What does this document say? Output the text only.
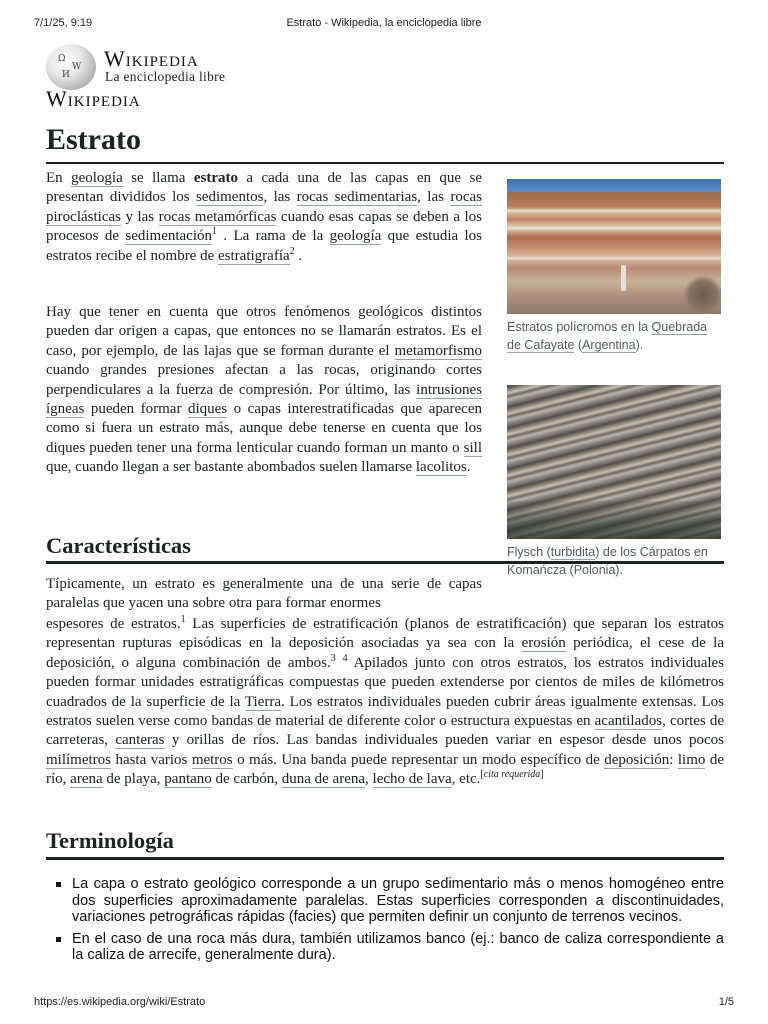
7/1/25, 9:19	Estrato - Wikipedia, la enciclopedia libre
Ω
W
И
Wikipedia
La enciclopedia libre
Wikipedia
Estrato

En geología se llama estrato a cada una de las capas en que se presentan divididos los sedimentos, las rocas sedimentarias, las rocas piroclásticas y las rocas metamórficas cuando esas capas se deben a los procesos de sedimentación$^1$ . La rama de la geología que estudia los estratos recibe el nombre de estratigrafía$^2$ .

Hay que tener en cuenta que otros fenómenos geológicos distintos pueden dar origen a capas, que entonces no se llamarán estratos. Es el caso, por ejemplo, de las lajas que se forman durante el metamorfismo cuando grandes presiones afectan a las rocas, originando cortes perpendiculares a la fuerza de compresión. Por último, las intrusiones ígneas pueden formar diques o capas interestratificadas que aparecen como si fuera un estrato más, aunque debe tenerse en cuenta que los diques pueden tener una forma lenticular cuando forman un manto o sill que, cuando llegan a ser bastante abombados suelen llamarse lacolitos.

Características

Típicamente, un estrato es generalmente una de una serie de capas paralelas que yacen una sobre otra para formar enormes

espesores de estratos.$^1$ Las superficies de estratificación (planos de estratificación) que separan los estratos representan rupturas episódicas en la deposición asociadas ya sea con la erosión periódica, el cese de la deposición, o alguna combinación de ambos.$^3$ $^4$ Apilados junto con otros estratos, los estratos individuales pueden formar unidades estratigráficas compuestas que pueden extenderse por cientos de miles de kilómetros cuadrados de la superficie de la Tierra. Los estratos individuales pueden cubrir áreas igualmente extensas. Los estratos suelen verse como bandas de material de diferente color o estructura expuestas en acantilados, cortes de carreteras, canteras y orillas de ríos. Las bandas individuales pueden variar en espesor desde unos pocos milímetros hasta varios metros o más. Una banda puede representar un modo específico de deposición: limo de río, arena de playa, pantano de carbón, duna de arena, lecho de lava, etc.[cita requerida]

Terminología
La capa o estrato geológico corresponde a un grupo sedimentario más o menos homogéneo entre dos superficies aproximadamente paralelas. Estas superficies corresponden a discontinuidades, variaciones petrográficas rápidas (facies) que permiten definir un conjunto de terrenos vecinos.
En el caso de una roca más dura, también utilizamos banco (ej.: banco de caliza correspondiente a la caliza de arrecife, generalmente dura).
Estratos polícromos en la Quebrada de Cafayate (Argentina).
Flysch (turbidita) de los Cárpatos en Komańcza (Polonia).
https://es.wikipedia.org/wiki/Estrato	1/5
